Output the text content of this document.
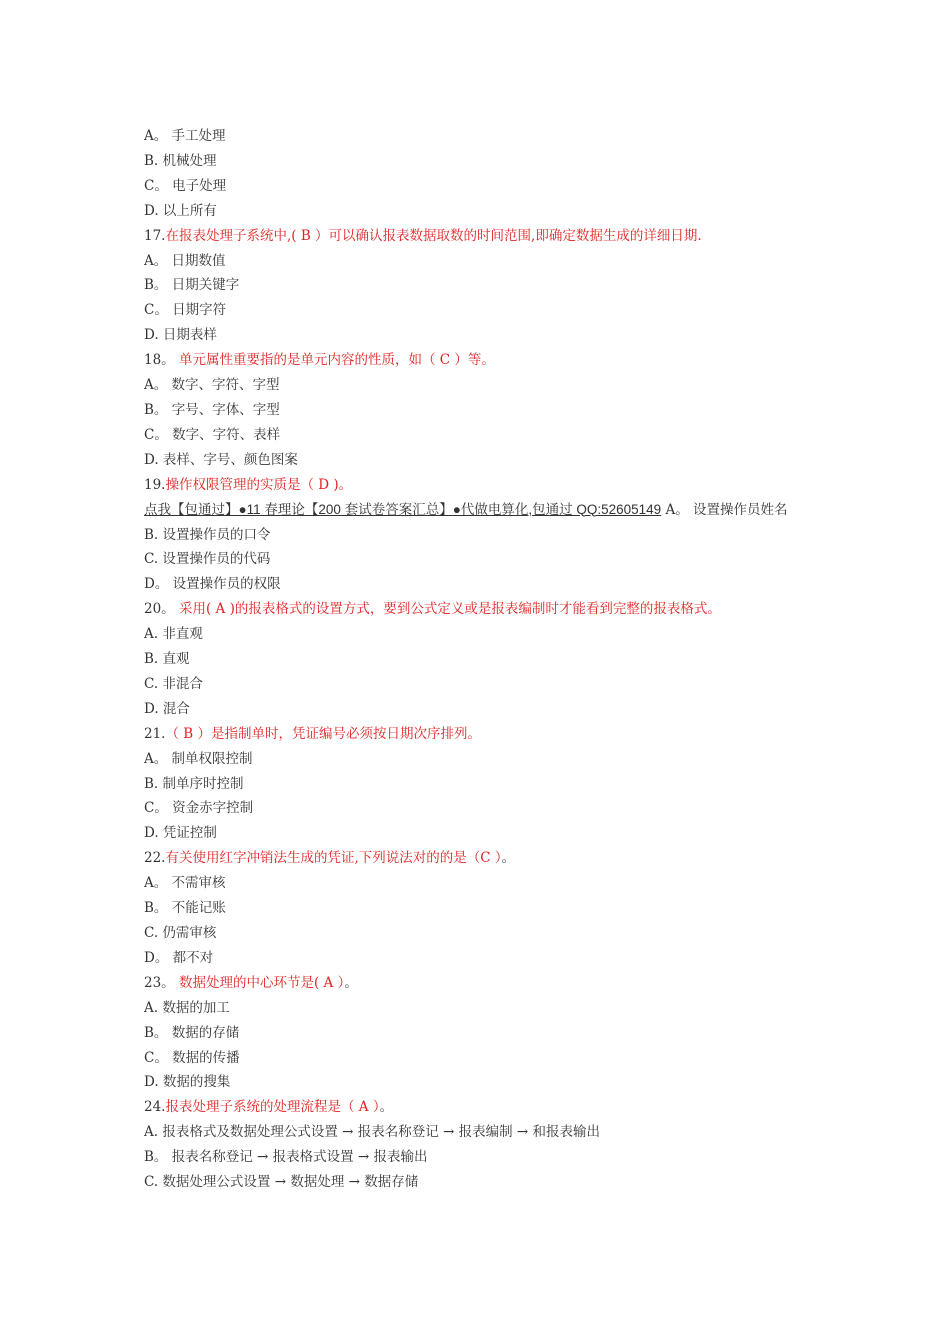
A。 手工处理
B. 机械处理
C。 电子处理
D. 以上所有
17.在报表处理子系统中,( B ）可以确认报表数据取数的时间范围,即确定数据生成的详细日期.
A。 日期数值
B。 日期关键字
C。 日期字符
D. 日期表样
18。 单元属性重要指的是单元内容的性质，如（ C ）等。
A。 数字、字符、字型
B。 字号、字体、字型
C。 数字、字符、表样
D. 表样、字号、颜色图案
19.操作权限管理的实质是（ D )。
点我【包通过】●11 春理论【200 套试卷答案汇总】●代做电算化,包通过 QQ:52605149 A。 设置操作员姓名
B. 设置操作员的口令
C. 设置操作员的代码
D。 设置操作员的权限
20。 采用( A )的报表格式的设置方式，要到公式定义或是报表编制时才能看到完整的报表格式。
A. 非直观
B. 直观
C. 非混合
D. 混合
21.（ B ）是指制单时，凭证编号必须按日期次序排列。
A。 制单权限控制
B. 制单序时控制
C。 资金赤字控制
D. 凭证控制
22.有关使用红字冲销法生成的凭证,下列说法对的的是（C ）。
A。 不需审核
B。 不能记账
C. 仍需审核
D。 都不对
23。 数据处理的中心环节是( A ）。
A. 数据的加工
B。 数据的存储
C。 数据的传播
D. 数据的搜集
24.报表处理子系统的处理流程是（ A ）。
A. 报表格式及数据处理公式设置 → 报表名称登记 → 报表编制 → 和报表输出
B。 报表名称登记 → 报表格式设置 → 报表输出
C. 数据处理公式设置 → 数据处理 → 数据存储
